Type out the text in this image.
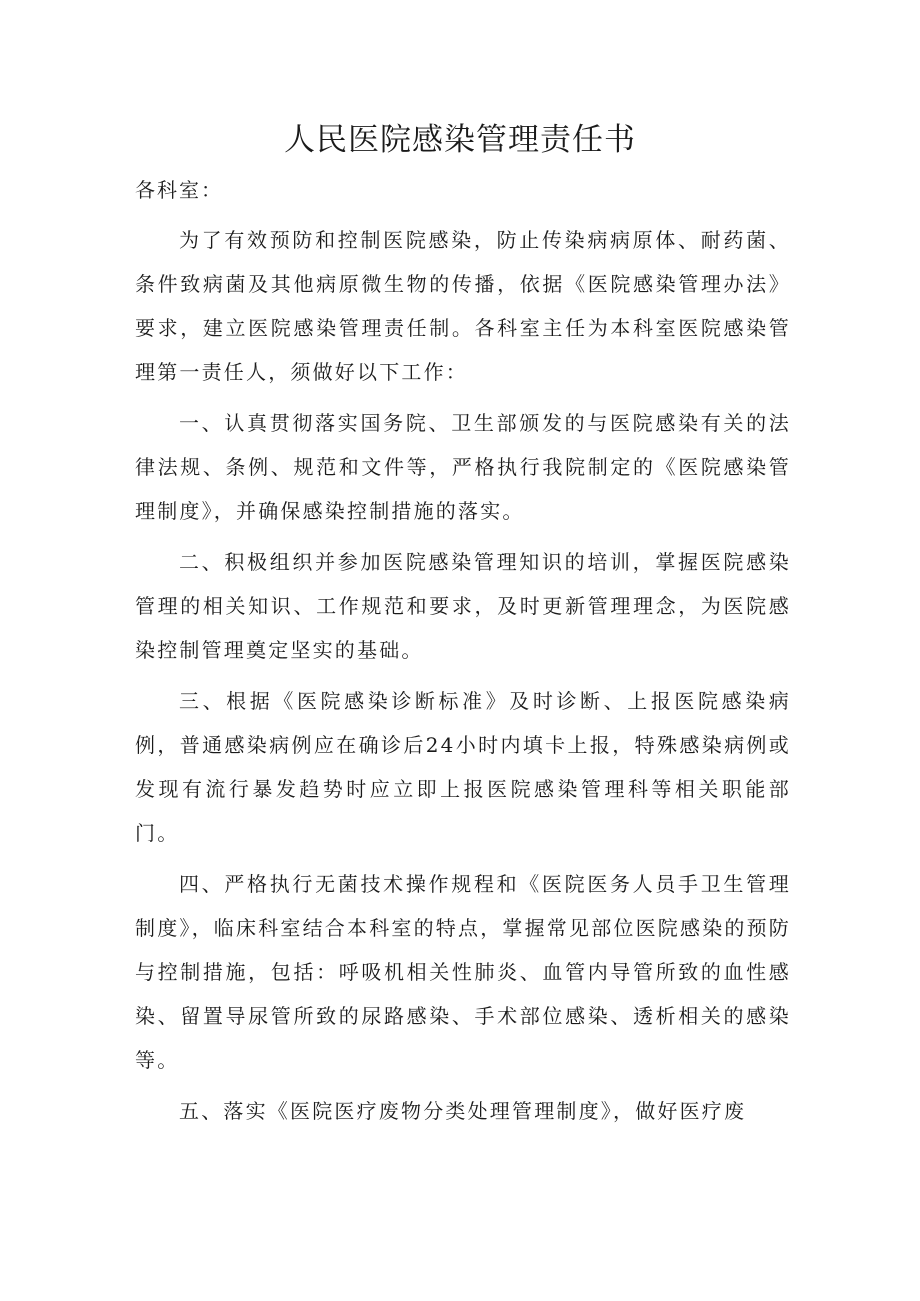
人民医院感染管理责任书

各科室：

为了有效预防和控制医院感染，防止传染病病原体、耐药菌、条件致病菌及其他病原微生物的传播，依据《医院感染管理办法》要求，建立医院感染管理责任制。各科室主任为本科室医院感染管理第一责任人，须做好以下工作：

一、认真贯彻落实国务院、卫生部颁发的与医院感染有关的法律法规、条例、规范和文件等，严格执行我院制定的《医院感染管理制度》，并确保感染控制措施的落实。

二、积极组织并参加医院感染管理知识的培训，掌握医院感染管理的相关知识、工作规范和要求，及时更新管理理念，为医院感染控制管理奠定坚实的基础。

三、根据《医院感染诊断标准》及时诊断、上报医院感染病例，普通感染病例应在确诊后24小时内填卡上报，特殊感染病例或发现有流行暴发趋势时应立即上报医院感染管理科等相关职能部门。

四、严格执行无菌技术操作规程和《医院医务人员手卫生管理制度》，临床科室结合本科室的特点，掌握常见部位医院感染的预防与控制措施，包括：呼吸机相关性肺炎、血管内导管所致的血性感染、留置导尿管所致的尿路感染、手术部位感染、透析相关的感染等。

五、落实《医院医疗废物分类处理管理制度》，做好医疗废
